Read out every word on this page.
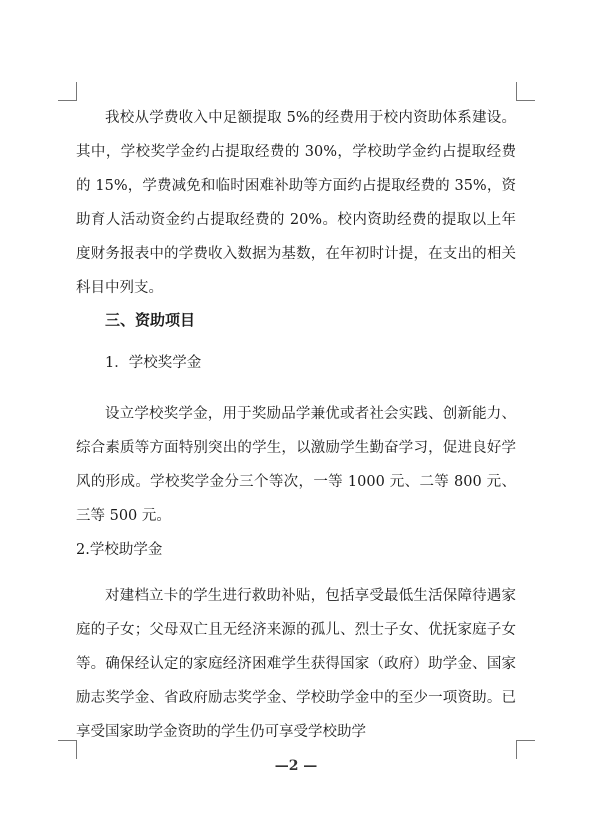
我校从学费收入中足额提取 5%的经费用于校内资助体系建设。其中，学校奖学金约占提取经费的 30%，学校助学金约占提取经费的 15%，学费减免和临时困难补助等方面约占提取经费的 35%，资助育人活动资金约占提取经费的 20%。校内资助经费的提取以上年度财务报表中的学费收入数据为基数，在年初时计提，在支出的相关科目中列支。

三、资助项目
1．学校奖学金

设立学校奖学金，用于奖励品学兼优或者社会实践、创新能力、综合素质等方面特别突出的学生，以激励学生勤奋学习，促进良好学风的形成。学校奖学金分三个等次，一等 1000 元、二等 800 元、三等 500 元。

2.学校助学金

对建档立卡的学生进行救助补贴，包括享受最低生活保障待遇家庭的子女；父母双亡且无经济来源的孤儿、烈士子女、优抚家庭子女等。确保经认定的家庭经济困难学生获得国家（政府）助学金、国家励志奖学金、省政府励志奖学金、学校助学金中的至少一项资助。已享受国家助学金资助的学生仍可享受学校助学

—2 —
